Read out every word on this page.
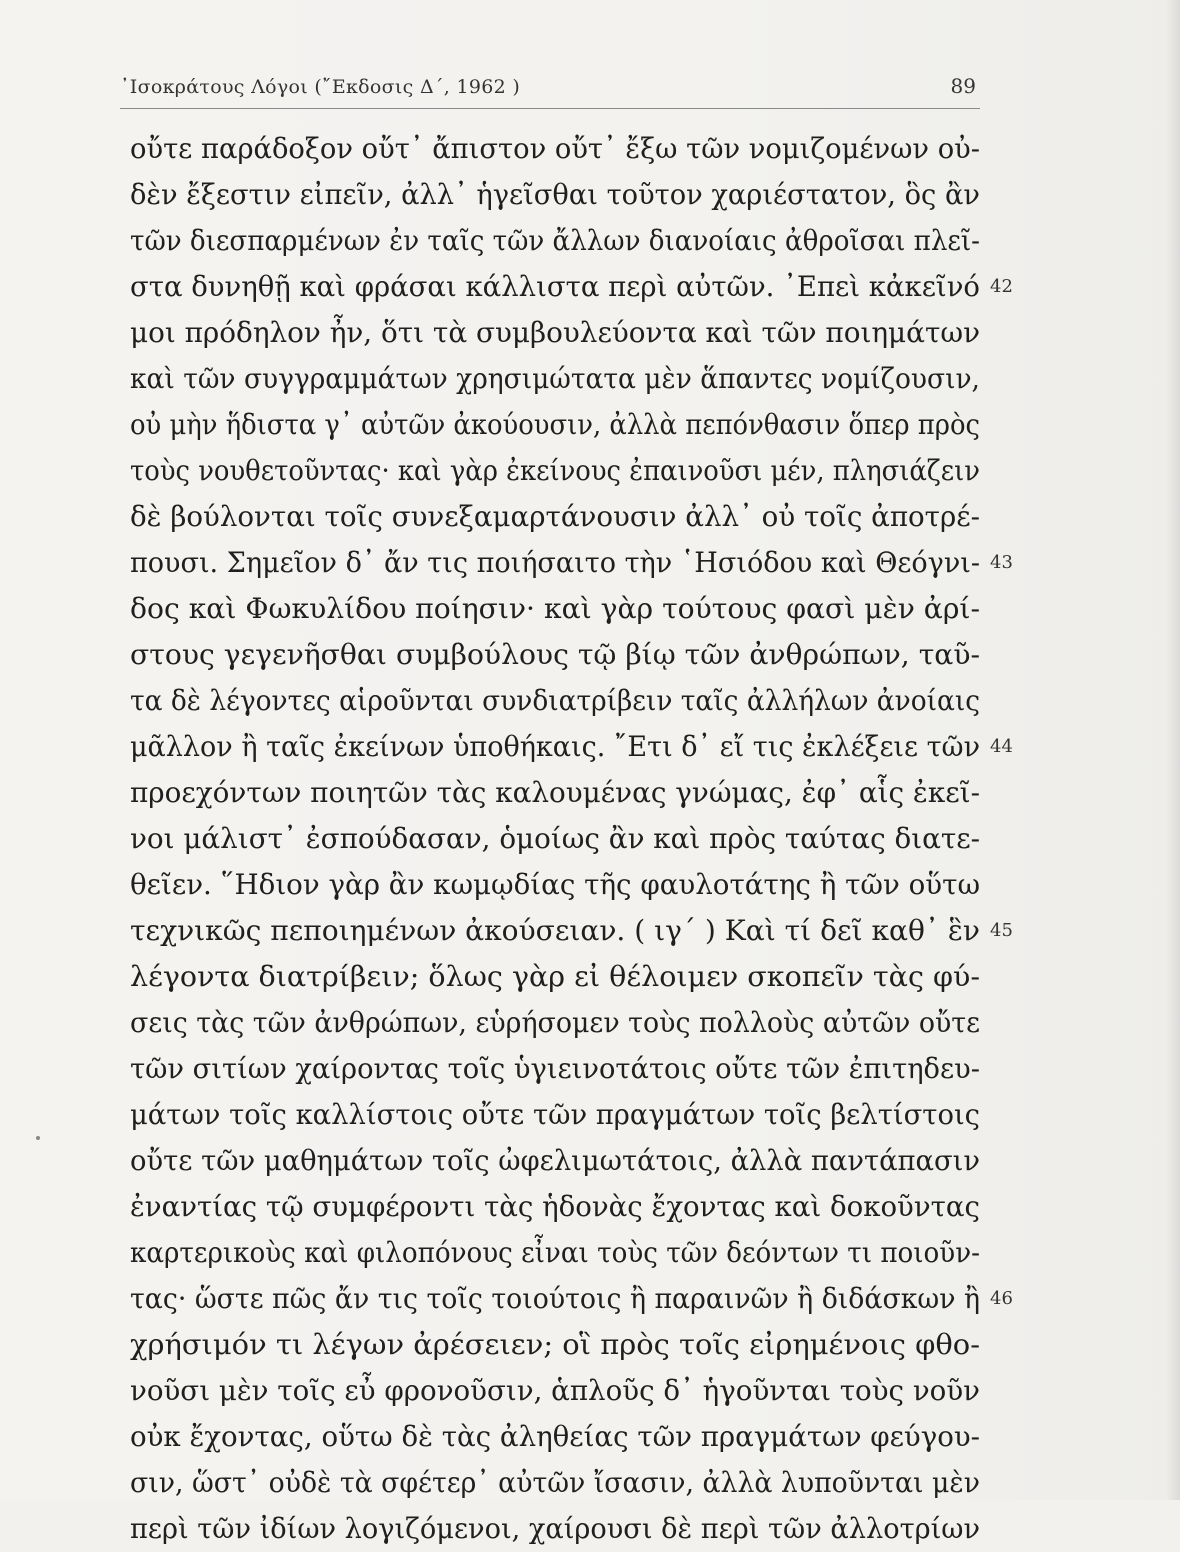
᾿Ισοκράτους Λόγοι (῎Εκδοσις Δ΄, 1962 )	89
οὔτε παράδοξον οὔτ᾿ ἄπιστον οὔτ᾿ ἔξω τῶν νομιζομένων οὐ-
δὲν ἔξεστιν εἰπεῖν, ἀλλ᾿ ἡγεῖσθαι τοῦτον χαριέστατον, ὃς ἂν
τῶν διεσπαρμένων ἐν ταῖς τῶν ἄλλων διανοίαις ἀθροῖσαι πλεῖ-
στα δυνηθῇ καὶ φράσαι κάλλιστα περὶ αὐτῶν. ᾿Επεὶ κἀκεῖνό 42
μοι πρόδηλον ἦν, ὅτι τὰ συμβουλεύοντα καὶ τῶν ποιημάτων
καὶ τῶν συγγραμμάτων χρησιμώτατα μὲν ἅπαντες νομίζουσιν,
οὐ μὴν ἥδιστα γ᾿ αὐτῶν ἀκούουσιν, ἀλλὰ πεπόνθασιν ὅπερ πρὸς
τοὺς νουθετοῦντας· καὶ γὰρ ἐκείνους ἐπαινοῦσι μέν, πλησιάζειν
δὲ βούλονται τοῖς συνεξαμαρτάνουσιν ἀλλ᾿ οὐ τοῖς ἀποτρέ-
πουσι. Σημεῖον δ᾿ ἄν τις ποιήσαιτο τὴν ῾Ησιόδου καὶ Θεόγνι- 43
δος καὶ Φωκυλίδου ποίησιν· καὶ γὰρ τούτους φασὶ μὲν ἀρί-
στους γεγενῆσθαι συμβούλους τῷ βίῳ τῶν ἀνθρώπων, ταῦ-
τα δὲ λέγοντες αἱροῦνται συνδιατρίβειν ταῖς ἀλλήλων ἀνοίαις
μᾶλλον ἢ ταῖς ἐκείνων ὑποθήκαις. ῎Ετι δ᾿ εἴ τις ἐκλέξειε τῶν 44
προεχόντων ποιητῶν τὰς καλουμένας γνώμας, ἐφ᾿ αἷς ἐκεῖ-
νοι μάλιστ᾿ ἐσπούδασαν, ὁμοίως ἂν καὶ πρὸς ταύτας διατε-
θεῖεν. ῞Ηδιον γὰρ ἂν κωμῳδίας τῆς φαυλοτάτης ἢ τῶν οὕτω
τεχνικῶς πεποιημένων ἀκούσειαν. ( ιγ΄ ) Καὶ τί δεῖ καθ᾿ ἓν 45
λέγοντα διατρίβειν; ὅλως γὰρ εἰ θέλοιμεν σκοπεῖν τὰς φύ-
σεις τὰς τῶν ἀνθρώπων, εὑρήσομεν τοὺς πολλοὺς αὐτῶν οὔτε
τῶν σιτίων χαίροντας τοῖς ὑγιεινοτάτοις οὔτε τῶν ἐπιτηδευ-
μάτων τοῖς καλλίστοις οὔτε τῶν πραγμάτων τοῖς βελτίστοις
οὔτε τῶν μαθημάτων τοῖς ὠφελιμωτάτοις, ἀλλὰ παντάπασιν
ἐναντίας τῷ συμφέροντι τὰς ἡδονὰς ἔχοντας καὶ δοκοῦντας
καρτερικοὺς καὶ φιλοπόνους εἶναι τοὺς τῶν δεόντων τι ποιοῦν-
τας· ὥστε πῶς ἄν τις τοῖς τοιούτοις ἢ παραινῶν ἢ διδάσκων ἢ 46
χρήσιμόν τι λέγων ἀρέσειεν; οἳ πρὸς τοῖς εἰρημένοις φθο-
νοῦσι μὲν τοῖς εὖ φρονοῦσιν, ἁπλοῦς δ᾿ ἡγοῦνται τοὺς νοῦν
οὐκ ἔχοντας, οὕτω δὲ τὰς ἀληθείας τῶν πραγμάτων φεύγου-
σιν, ὥστ᾿ οὐδὲ τὰ σφέτερ᾿ αὐτῶν ἴσασιν, ἀλλὰ λυποῦνται μὲν
περὶ τῶν ἰδίων λογιζόμενοι, χαίρουσι δὲ περὶ τῶν ἀλλοτρίων
